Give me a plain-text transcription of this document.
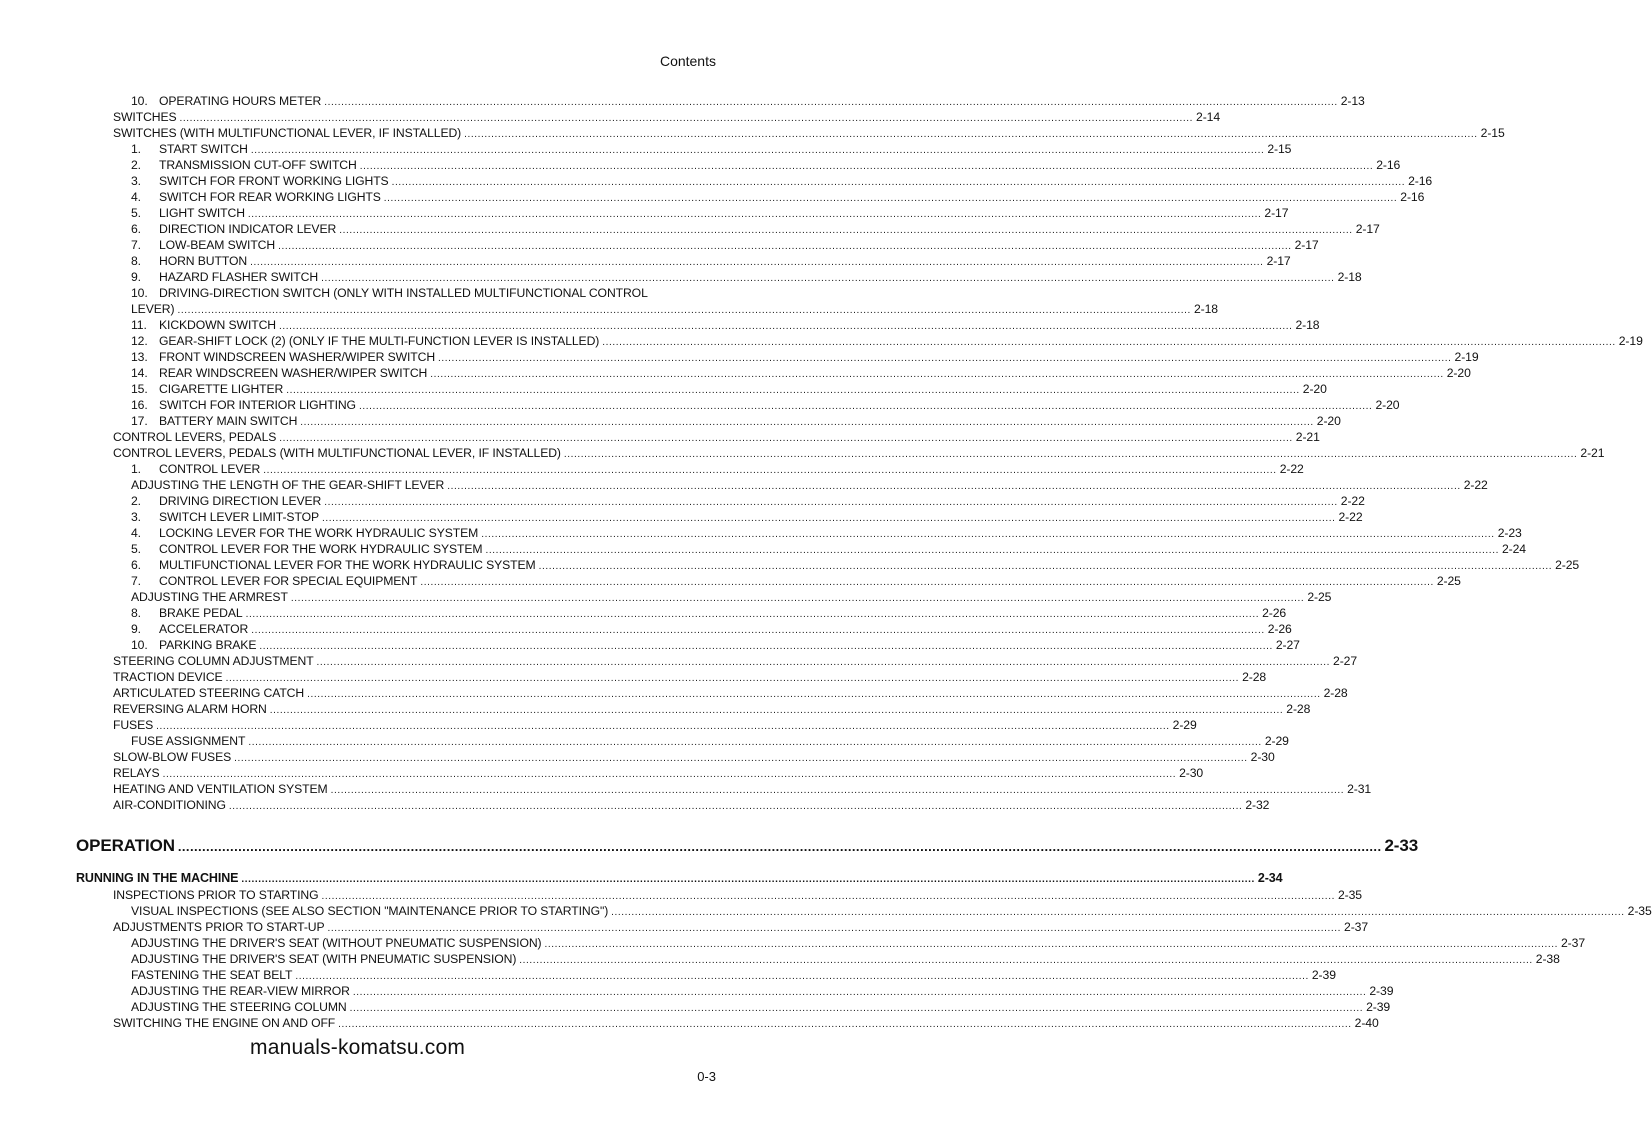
Contents
10. OPERATING HOURS METER ............................................................................................................................................................................................................................................................................................................ 2-13
SWITCHES ............................................................................................................................................................................................................................................................................................................ 2-14
SWITCHES (WITH MULTIFUNCTIONAL LEVER, IF INSTALLED) ............................................................................................................................................................................................................................................................................................................ 2-15
1.	START SWITCH ............................................................................................................................................................................................................................................................................................................ 2-15
2.	TRANSMISSION CUT-OFF SWITCH ............................................................................................................................................................................................................................................................................................................ 2-16
3.	SWITCH FOR FRONT WORKING LIGHTS ............................................................................................................................................................................................................................................................................................................ 2-16
4.	SWITCH FOR REAR WORKING LIGHTS ............................................................................................................................................................................................................................................................................................................ 2-16
5.	LIGHT SWITCH ............................................................................................................................................................................................................................................................................................................ 2-17
6.	DIRECTION INDICATOR LEVER ............................................................................................................................................................................................................................................................................................................ 2-17
7.	LOW-BEAM SWITCH ............................................................................................................................................................................................................................................................................................................ 2-17
8.	HORN BUTTON ............................................................................................................................................................................................................................................................................................................ 2-17
9.	HAZARD FLASHER SWITCH ............................................................................................................................................................................................................................................................................................................ 2-18
10. DRIVING-DIRECTION SWITCH (ONLY WITH INSTALLED MULTIFUNCTIONAL CONTROL
LEVER) ............................................................................................................................................................................................................................................................................................................ 2-18
11.	KICKDOWN SWITCH ............................................................................................................................................................................................................................................................................................................ 2-18
12. GEAR-SHIFT LOCK (2) (ONLY IF THE MULTI-FUNCTION LEVER IS INSTALLED) ............................................................................................................................................................................................................................................................................................................ 2-19
13. FRONT WINDSCREEN WASHER/WIPER SWITCH ............................................................................................................................................................................................................................................................................................................ 2-19
14. REAR WINDSCREEN WASHER/WIPER SWITCH ............................................................................................................................................................................................................................................................................................................ 2-20
15. CIGARETTE LIGHTER ............................................................................................................................................................................................................................................................................................................ 2-20
16. SWITCH FOR INTERIOR LIGHTING ............................................................................................................................................................................................................................................................................................................ 2-20
17. BATTERY MAIN SWITCH ............................................................................................................................................................................................................................................................................................................ 2-20
CONTROL LEVERS, PEDALS ............................................................................................................................................................................................................................................................................................................ 2-21
CONTROL LEVERS, PEDALS (WITH MULTIFUNCTIONAL LEVER, IF INSTALLED) ............................................................................................................................................................................................................................................................................................................ 2-21
1.	CONTROL LEVER ............................................................................................................................................................................................................................................................................................................ 2-22
ADJUSTING THE LENGTH OF THE GEAR-SHIFT LEVER ............................................................................................................................................................................................................................................................................................................ 2-22
2.	DRIVING DIRECTION LEVER ............................................................................................................................................................................................................................................................................................................ 2-22
3.	SWITCH LEVER LIMIT-STOP ............................................................................................................................................................................................................................................................................................................ 2-22
4.	LOCKING LEVER FOR THE WORK HYDRAULIC SYSTEM ............................................................................................................................................................................................................................................................................................................ 2-23
5.	CONTROL LEVER FOR THE WORK HYDRAULIC SYSTEM ............................................................................................................................................................................................................................................................................................................ 2-24
6.	MULTIFUNCTIONAL LEVER FOR THE WORK HYDRAULIC SYSTEM ............................................................................................................................................................................................................................................................................................................ 2-25
7.	CONTROL LEVER FOR SPECIAL EQUIPMENT ............................................................................................................................................................................................................................................................................................................ 2-25
ADJUSTING THE ARMREST ............................................................................................................................................................................................................................................................................................................ 2-25
8.	BRAKE PEDAL ............................................................................................................................................................................................................................................................................................................ 2-26
9.	ACCELERATOR ............................................................................................................................................................................................................................................................................................................ 2-26
10. PARKING BRAKE ............................................................................................................................................................................................................................................................................................................ 2-27
STEERING COLUMN ADJUSTMENT ............................................................................................................................................................................................................................................................................................................ 2-27
TRACTION DEVICE ............................................................................................................................................................................................................................................................................................................ 2-28
ARTICULATED STEERING CATCH ............................................................................................................................................................................................................................................................................................................ 2-28
REVERSING ALARM HORN ............................................................................................................................................................................................................................................................................................................ 2-28
FUSES ............................................................................................................................................................................................................................................................................................................ 2-29
FUSE ASSIGNMENT ............................................................................................................................................................................................................................................................................................................ 2-29
SLOW-BLOW FUSES ............................................................................................................................................................................................................................................................................................................ 2-30
RELAYS ............................................................................................................................................................................................................................................................................................................ 2-30
HEATING AND VENTILATION SYSTEM ............................................................................................................................................................................................................................................................................................................ 2-31
AIR-CONDITIONING ............................................................................................................................................................................................................................................................................................................ 2-32
OPERATION ............................................................................................................................................................................................................................................................................................................ 2-33
RUNNING IN THE MACHINE ............................................................................................................................................................................................................................................................................................................ 2-34
INSPECTIONS PRIOR TO STARTING ............................................................................................................................................................................................................................................................................................................ 2-35
VISUAL INSPECTIONS (SEE ALSO SECTION "MAINTENANCE PRIOR TO STARTING") ............................................................................................................................................................................................................................................................................................................ 2-35
ADJUSTMENTS PRIOR TO START-UP ............................................................................................................................................................................................................................................................................................................ 2-37
ADJUSTING THE DRIVER'S SEAT (WITHOUT PNEUMATIC SUSPENSION) ............................................................................................................................................................................................................................................................................................................ 2-37
ADJUSTING THE DRIVER'S SEAT (WITH PNEUMATIC SUSPENSION) ............................................................................................................................................................................................................................................................................................................ 2-38
FASTENING THE SEAT BELT ............................................................................................................................................................................................................................................................................................................ 2-39
ADJUSTING THE REAR-VIEW MIRROR ............................................................................................................................................................................................................................................................................................................ 2-39
ADJUSTING THE STEERING COLUMN ............................................................................................................................................................................................................................................................................................................ 2-39
SWITCHING THE ENGINE ON AND OFF ............................................................................................................................................................................................................................................................................................................ 2-40
manuals-komatsu.com
0-3
